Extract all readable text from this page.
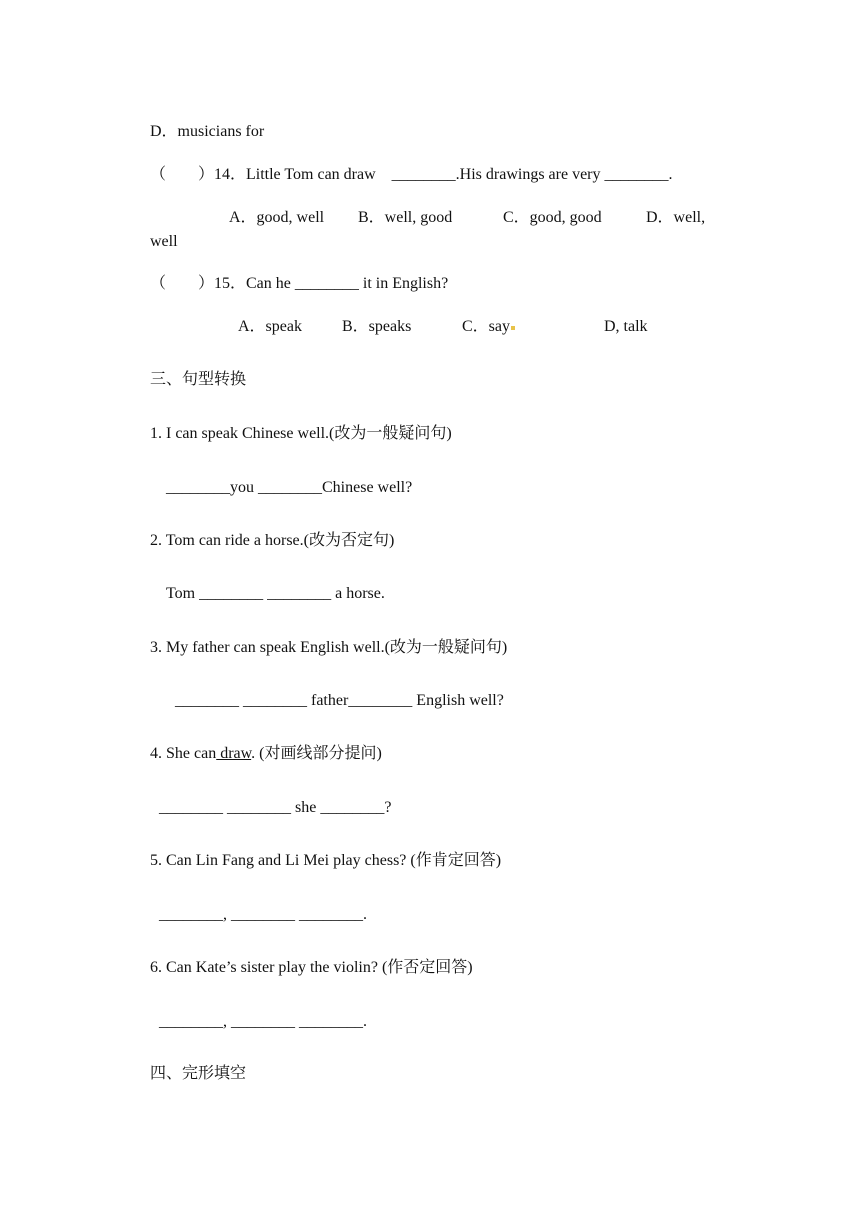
D．musicians for
（        ）14．Little Tom can draw    ________.His drawings are very ________.
A．good, well B．well, good	C．good, good	D．well,
well
（        ）15．Can he ________ it in English?
A．speak	B．speaks	C．say	D, talk
三、句型转换
1. I can speak Chinese well.(改为一般疑问句)
________you ________Chinese well?
2. Tom can ride a horse.(改为否定句)
Tom ________ ________ a horse.
3. My father can speak English well.(改为一般疑问句)
________ ________ father________ English well?
4. She can draw. (对画线部分提问)
________ ________ she ________?
5. Can Lin Fang and Li Mei play chess? (作肯定回答)
________, ________ ________.
6. Can Kate’s sister play the violin? (作否定回答)
________, ________ ________.
四、完形填空
